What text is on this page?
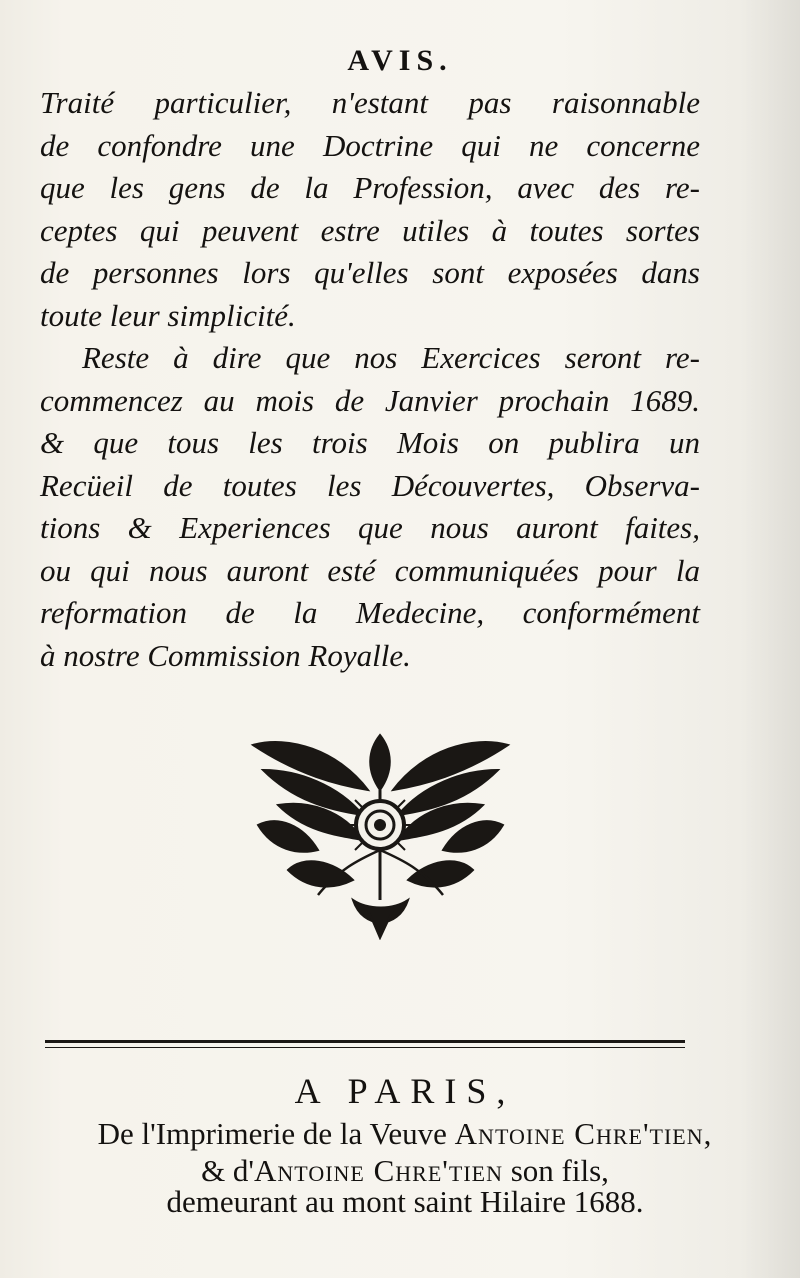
AVIS.
Traité particulier, n'estant pas raisonnable
de confondre une Doctrine qui ne concerne
que les gens de la Profession, avec des re-
ceptes qui peuvent estre utiles à toutes sortes
de personnes lors qu'elles sont exposées dans
toute leur simplicité.
Reste à dire que nos Exercices seront re-
commencez au mois de Janvier prochain 1689.
& que tous les trois Mois on publira un
Recüeil de toutes les Découvertes, Observa-
tions & Experiences que nous auront faites,
ou qui nous auront esté communiquées pour la
reformation de la Medecine, conformément
à nostre Commission Royalle.
A PARIS,
De l'Imprimerie de la Veuve Antoine Chre'tien,
& d'Antoine Chre'tien son fils,
demeurant au mont saint Hilaire 1688.
